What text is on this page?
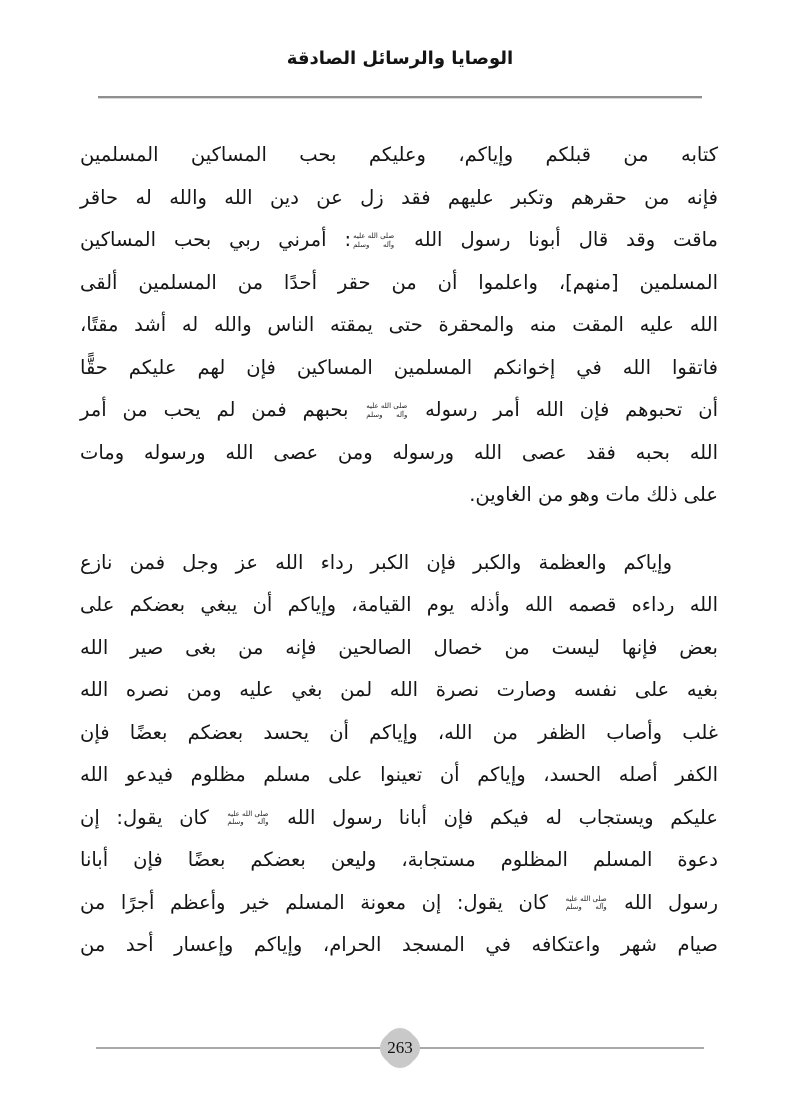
الوصايا والرسائل الصادقة
كتابه من قبلكم وإياكم، وعليكم بحب المساكين المسلمين
فإنه من حقرهم وتكبر عليهم فقد زل عن دين الله والله له حاقر
ماقت وقد قال أبونا رسول الله
صلى الله عليه
وآله وسلم
: أمرني ربي بحب المساكين
المسلمين [منهم]، واعلموا أن من حقر أحدًا من المسلمين ألقى
الله عليه المقت منه والمحقرة حتى يمقته الناس والله له أشد مقتًا،
فاتقوا الله في إخوانكم المسلمين المساكين فإن لهم عليكم حقًّا
أن تحبوهم فإن الله أمر رسوله
صلى الله عليه
وآله وسلم
بحبهم فمن لم يحب من أمر
الله بحبه فقد عصى الله ورسوله ومن عصى الله ورسوله ومات
على ذلك مات وهو من الغاوين.
وإياكم والعظمة والكبر فإن الكبر رداء الله عز وجل فمن نازع
الله رداءه قصمه الله وأذله يوم القيامة، وإياكم أن يبغي بعضكم على
بعض فإنها ليست من خصال الصالحين فإنه من بغى صير الله
بغيه على نفسه وصارت نصرة الله لمن بغي عليه ومن نصره الله
غلب وأصاب الظفر من الله، وإياكم أن يحسد بعضكم بعضًا فإن
الكفر أصله الحسد، وإياكم أن تعينوا على مسلم مظلوم فيدعو الله
عليكم ويستجاب له فيكم فإن أبانا رسول الله
صلى الله عليه
وآله وسلم
كان يقول: إن
دعوة المسلم المظلوم مستجابة، وليعن بعضكم بعضًا فإن أبانا
رسول الله
صلى الله عليه
وآله وسلم
كان يقول: إن معونة المسلم خير وأعظم أجرًا من
صيام شهر واعتكافه في المسجد الحرام، وإياكم وإعسار أحد من
263
